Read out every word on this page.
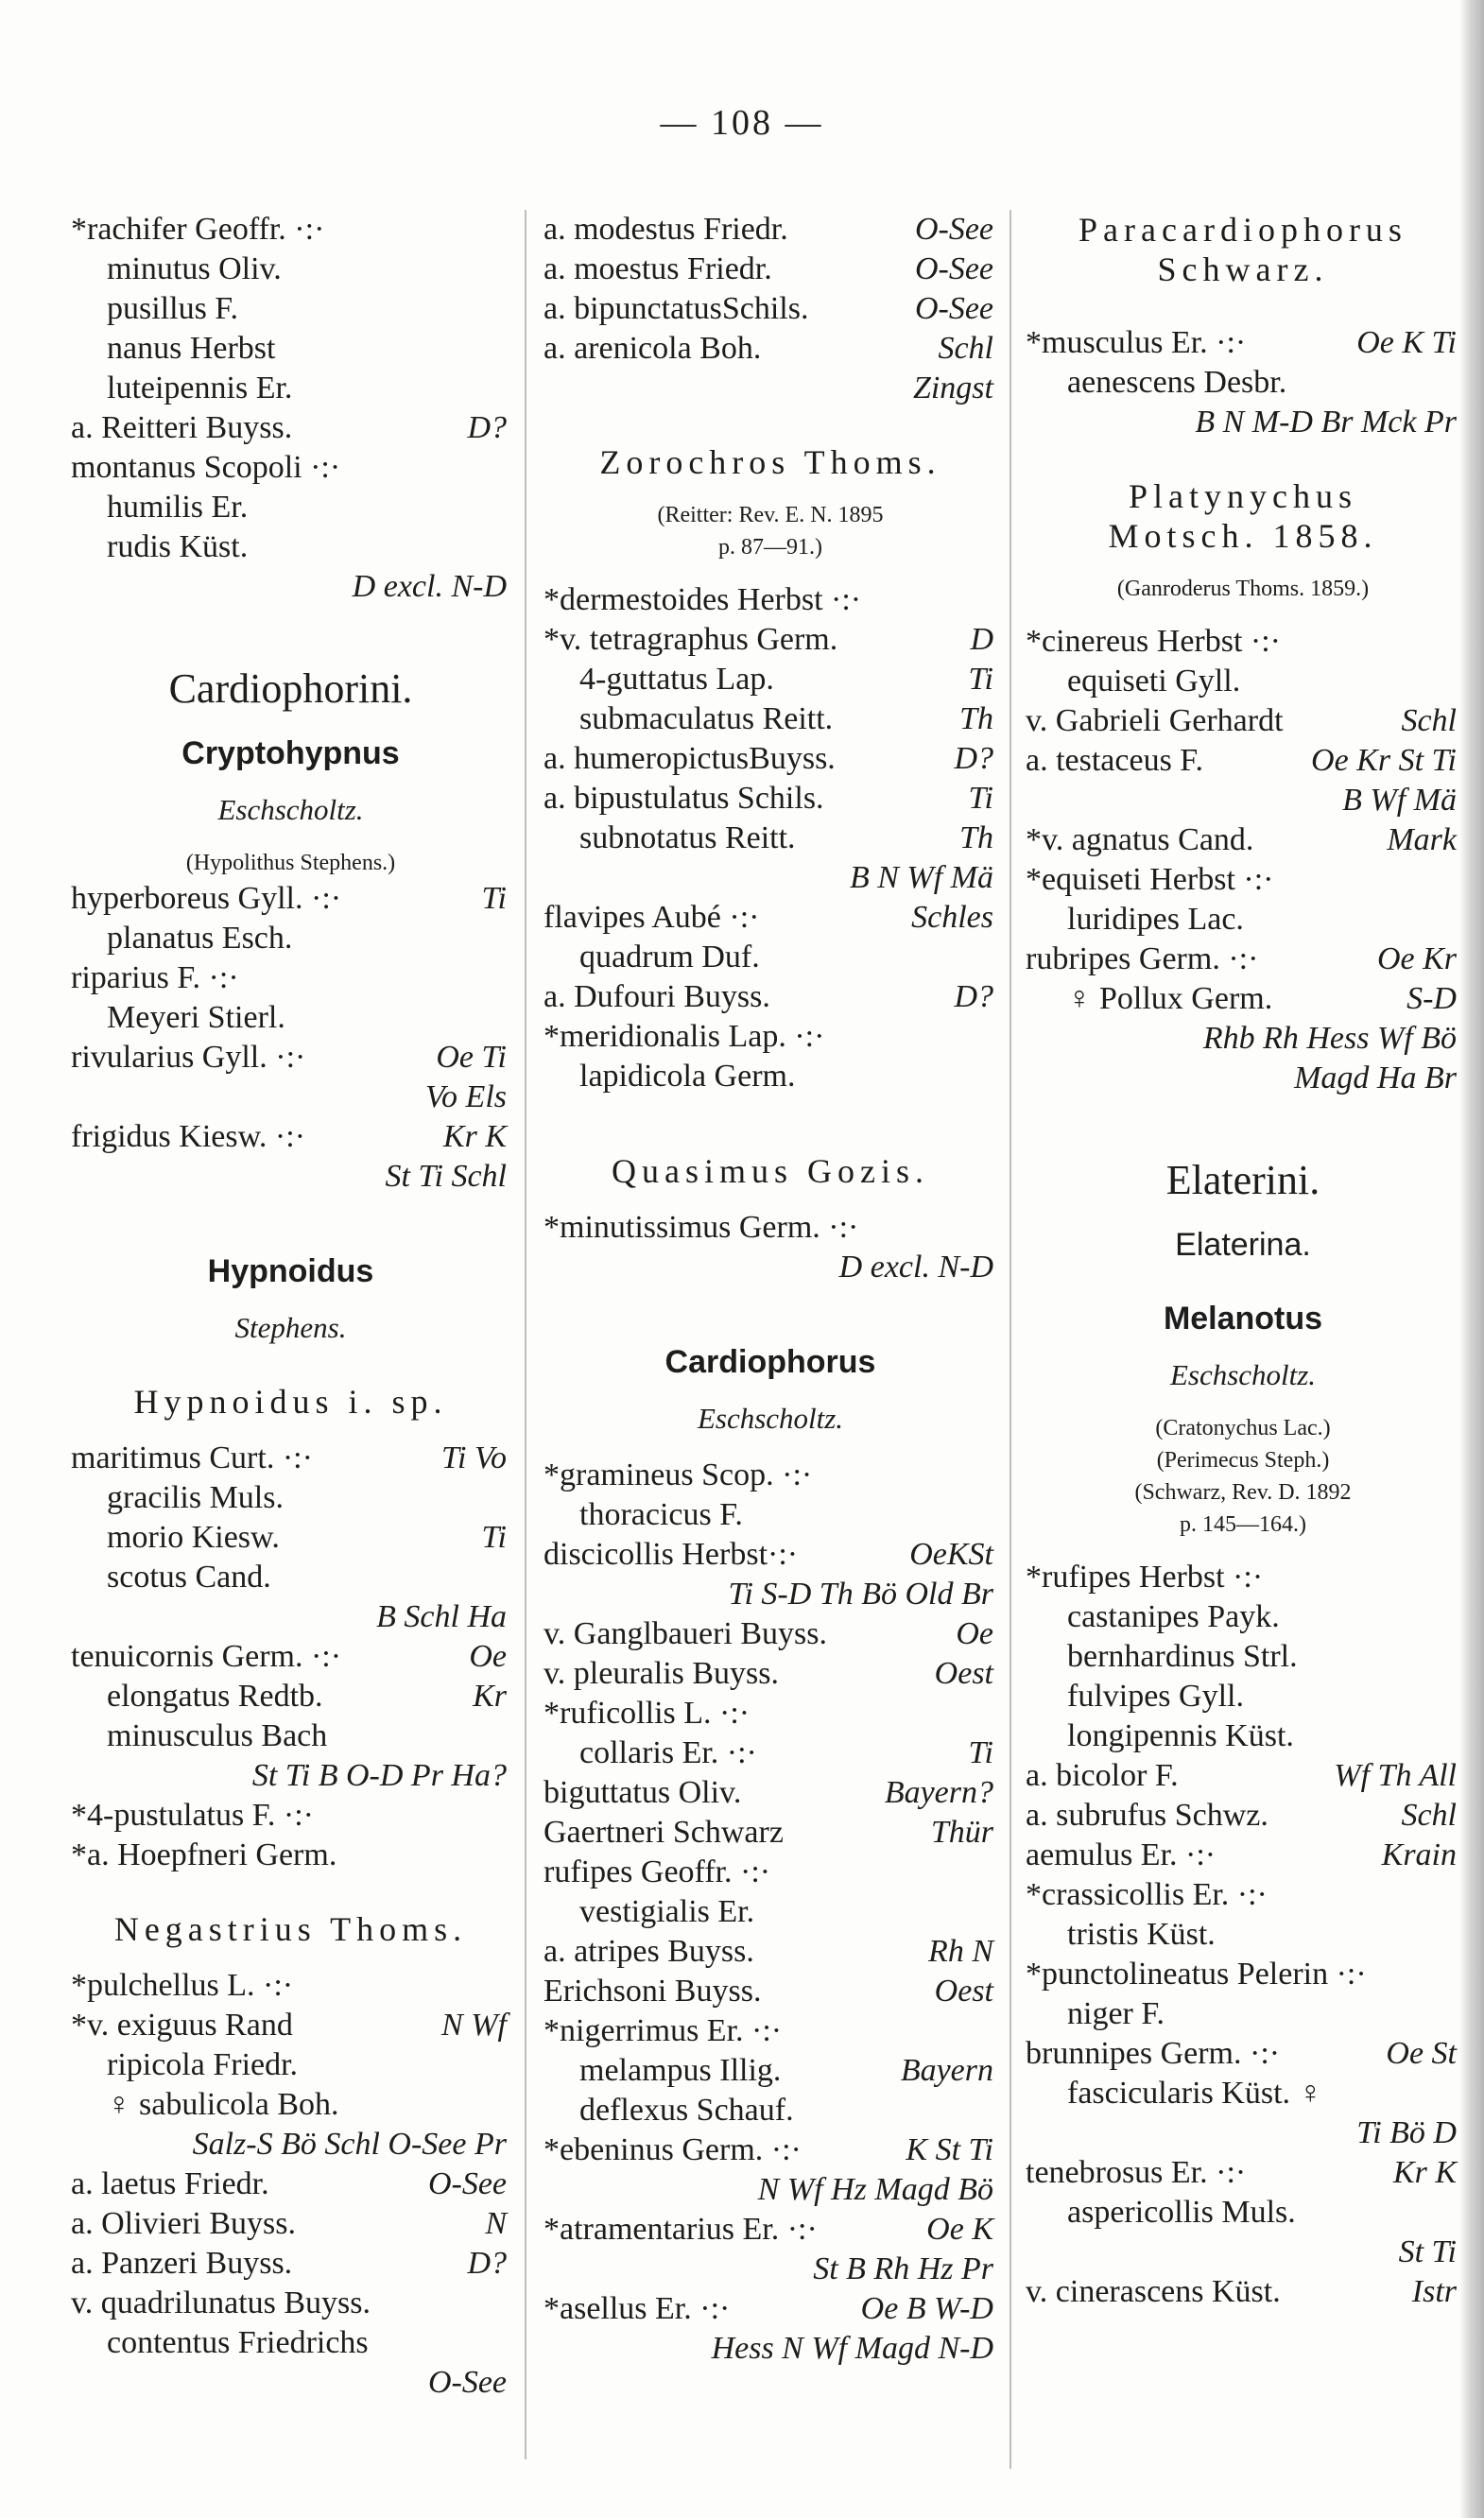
— 108 —
*rachifer Geoffr. ·:·
minutus Oliv.
pusillus F.
nanus Herbst
luteipennis Er.
a. Reitteri Buyss.	D?
montanus Scopoli ·:·
humilis Er.
rudis Küst.
D excl. N-D
Cardiophorini.
Cryptohypnus
Eschscholtz.
(Hypolithus Stephens.)
hyperboreus Gyll. ·:·	Ti
planatus Esch.
riparius F. ·:·
Meyeri Stierl.
rivularius Gyll. ·:·	Oe Ti
Vo Els
frigidus Kiesw. ·:·	Kr K
St Ti Schl
Hypnoidus
Stephens.
Hypnoidus i. sp.
maritimus Curt. ·:·	Ti Vo
gracilis Muls.
morio Kiesw.	Ti
scotus Cand.
B Schl Ha
tenuicornis Germ. ·:·	Oe
elongatus Redtb.	Kr
minusculus Bach
St Ti B O-D Pr Ha?
*4-pustulatus F. ·:·
*a. Hoepfneri Germ.
Negastrius Thoms.
*pulchellus L. ·:·
*v. exiguus Rand	N Wf
ripicola Friedr.
♀ sabulicola Boh.
Salz-S Bö Schl O-See Pr
a. laetus Friedr.	O-See
a. Olivieri Buyss.	N
a. Panzeri Buyss.	D?
v. quadrilunatus Buyss.
contentus Friedrichs
O-See
a. modestus Friedr.	O-See
a. moestus Friedr.	O-See
a. bipunctatusSchils.	O-See
a. arenicola Boh.	Schl
Zingst
Zorochros Thoms.
(Reitter: Rev. E. N. 1895
p. 87—91.)
*dermestoides Herbst ·:·
*v. tetragraphus Germ.	D
4-guttatus Lap.	Ti
submaculatus Reitt.	Th
a. humeropictusBuyss.	D?
a. bipustulatus Schils.	Ti
subnotatus Reitt.	Th
B N Wf Mä
flavipes Aubé ·:·	Schles
quadrum Duf.
a. Dufouri Buyss.	D?
*meridionalis Lap. ·:·
lapidicola Germ.
Quasimus Gozis.
*minutissimus Germ. ·:·
D excl. N-D
Cardiophorus
Eschscholtz.
*gramineus Scop. ·:·
thoracicus F.
discicollis Herbst·:·	OeKSt
Ti S-D Th Bö Old Br
v. Ganglbaueri Buyss.	Oe
v. pleuralis Buyss.	Oest
*ruficollis L. ·:·
collaris Er. ·:·	Ti
biguttatus Oliv.	Bayern?
Gaertneri Schwarz	Thür
rufipes Geoffr. ·:·
vestigialis Er.
a. atripes Buyss.	Rh N
Erichsoni Buyss.	Oest
*nigerrimus Er. ·:·
melampus Illig.	Bayern
deflexus Schauf.
*ebeninus Germ. ·:·	K St Ti
N Wf Hz Magd Bö
*atramentarius Er. ·:·	Oe K
St B Rh Hz Pr
*asellus Er. ·:·	Oe B W-D
Hess N Wf Magd N-D
Paracardiophorus
Schwarz.
*musculus Er. ·:·	Oe K Ti
aenescens Desbr.
B N M-D Br Mck Pr
Platynychus
Motsch. 1858.
(Ganroderus Thoms. 1859.)
*cinereus Herbst ·:·
equiseti Gyll.
v. Gabrieli Gerhardt	Schl
a. testaceus F.	Oe Kr St Ti
B Wf Mä
*v. agnatus Cand.	Mark
*equiseti Herbst ·:·
luridipes Lac.
rubripes Germ. ·:·	Oe Kr
♀ Pollux Germ.	S-D
Rhb Rh Hess Wf Bö
Magd Ha Br
Elaterini.
Elaterina.
Melanotus
Eschscholtz.
(Cratonychus Lac.)
(Perimecus Steph.)
(Schwarz, Rev. D. 1892
p. 145—164.)
*rufipes Herbst ·:·
castanipes Payk.
bernhardinus Strl.
fulvipes Gyll.
longipennis Küst.
a. bicolor F.	Wf Th All
a. subrufus Schwz.	Schl
aemulus Er. ·:·	Krain
*crassicollis Er. ·:·
tristis Küst.
*punctolineatus Pelerin ·:·
niger F.
brunnipes Germ. ·:·	Oe St
fascicularis Küst. ♀
Ti Bö D
tenebrosus Er. ·:·	Kr K
aspericollis Muls.
St Ti
v. cinerascens Küst.	Istr
